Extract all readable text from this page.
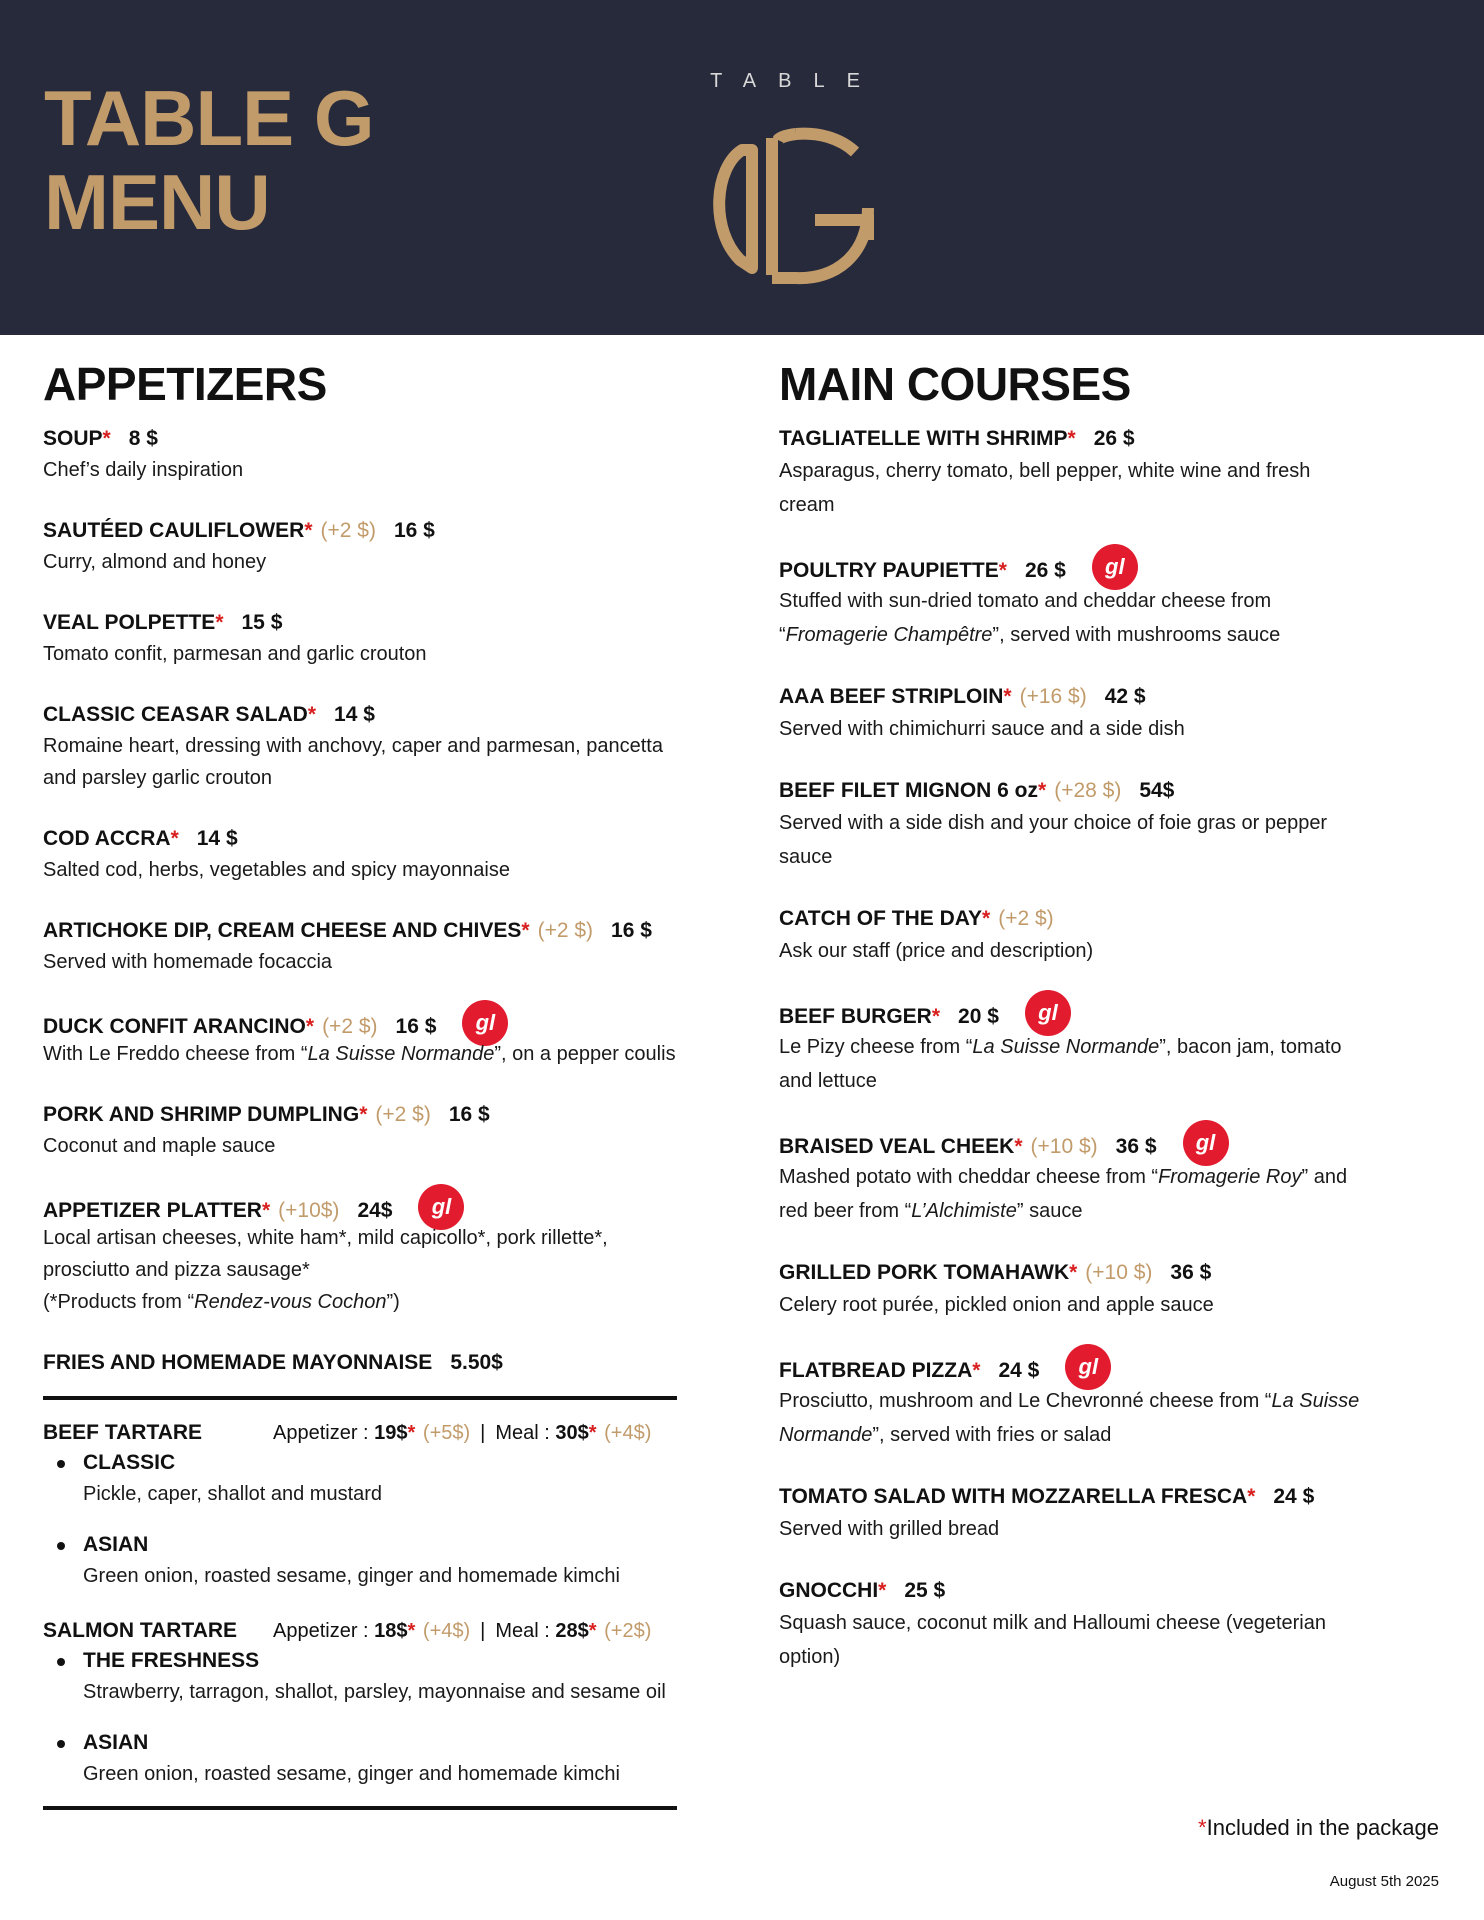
TABLE G
MENU
TABLE
APPETIZERS
SOUP * 8 $
Chef’s daily inspiration
SAUTÉED CAULIFLOWER * (+2 $) 16 $
Curry, almond and honey
VEAL POLPETTE * 15 $
Tomato confit, parmesan and garlic crouton
CLASSIC CEASAR SALAD * 14 $
Romaine heart, dressing with anchovy, caper and parmesan, pancetta and parsley garlic crouton
COD ACCRA * 14 $
Salted cod, herbs, vegetables and spicy mayonnaise
ARTICHOKE DIP, CREAM CHEESE AND CHIVES * (+2 $) 16 $
Served with homemade focaccia
DUCK CONFIT ARANCINO * (+2 $) 16 $	gl
With Le Freddo cheese from “La Suisse Normande”, on a pepper coulis
PORK AND SHRIMP DUMPLING * (+2 $) 16 $
Coconut and maple sauce
APPETIZER PLATTER * (+10$) 24$	gl
Local artisan cheeses, white ham*, mild capicollo*, pork rillette*,
prosciutto and pizza sausage*
(*Products from “Rendez-vous Cochon”)
FRIES AND HOMEMADE MAYONNAISE 5.50$
BEEF TARTARE	Appetizer : 19$* (+5$) | Meal : 30$* (+4$)
CLASSIC
Pickle, caper, shallot and mustard
ASIAN
Green onion, roasted sesame, ginger and homemade kimchi
SALMON TARTARE	Appetizer : 18$* (+4$) | Meal : 28$* (+2$)
THE FRESHNESS
Strawberry, tarragon, shallot, parsley, mayonnaise and sesame oil
ASIAN
Green onion, roasted sesame, ginger and homemade kimchi
MAIN COURSES
TAGLIATELLE WITH SHRIMP * 26 $
Asparagus, cherry tomato, bell pepper, white wine and fresh
cream
POULTRY PAUPIETTE * 26 $	gl
Stuffed with sun-dried tomato and cheddar cheese from
“Fromagerie Champêtre”, served with mushrooms sauce
AAA BEEF STRIPLOIN * (+16 $) 42 $
Served with chimichurri sauce and a side dish
BEEF FILET MIGNON 6 oz * (+28 $) 54$
Served with a side dish and your choice of foie gras or pepper
sauce
CATCH OF THE DAY * (+2 $)
Ask our staff (price and description)
BEEF BURGER * 20 $	gl
Le Pizy cheese from “La Suisse Normande”, bacon jam, tomato
and lettuce
BRAISED VEAL CHEEK * (+10 $) 36 $	gl
Mashed potato with cheddar cheese from “Fromagerie Roy” and
red beer from “L’Alchimiste” sauce
GRILLED PORK TOMAHAWK * (+10 $) 36 $
Celery root purée, pickled onion and apple sauce
FLATBREAD PIZZA * 24 $	gl
Prosciutto, mushroom and Le Chevronné cheese from “La Suisse
Normande”, served with fries or salad
TOMATO SALAD WITH MOZZARELLA FRESCA * 24 $
Served with grilled bread
GNOCCHI * 25 $
Squash sauce, coconut milk and Halloumi cheese (vegeterian
option)
*Included in the package
August 5th 2025
